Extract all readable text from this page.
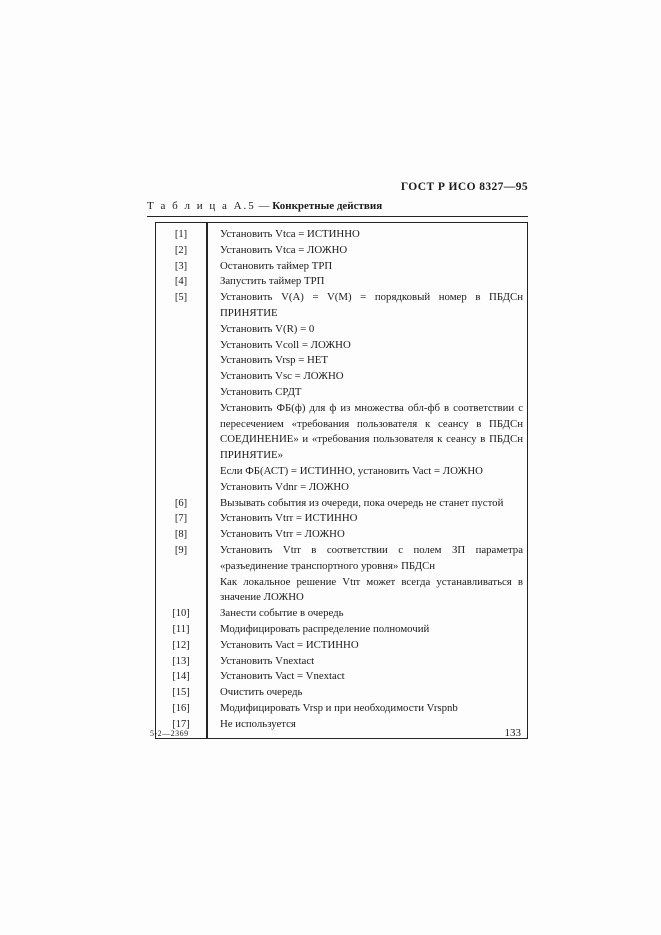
ГОСТ Р ИСО 8327—95
Т а б л и ц а А.5 — Конкретные действия
[1]	Установить Vtca = ИСТИННО
[2]	Установить Vtca = ЛОЖНО
[3]	Остановить таймер ТРП
[4]	Запустить таймер ТРП
[5]	Установить V(A) = V(M) = порядковый номер в ПБДСн ПРИНЯТИЕ
Установить V(R) = 0
Установить Vcoll = ЛОЖНО
Установить Vrsp = НЕТ
Установить Vsc = ЛОЖНО
Установить СРДТ
Установить ФБ(ф) для ф из множества обл-фб в соответствии с пересечением «требования пользователя к сеансу в ПБДСн СОЕДИНЕНИЕ» и «требования пользователя к сеансу в ПБДСн ПРИНЯТИЕ»
Если ФБ(АСТ) = ИСТИННО, установить Vact = ЛОЖНО
Установить Vdnr = ЛОЖНО
[6]	Вызывать события из очереди, пока очередь не станет пустой
[7]	Установить Vtrr = ИСТИННО
[8]	Установить Vtrr = ЛОЖНО
[9]	Установить Vtrr в соответствии с полем ЗП параметра «разъединение транспортного уровня» ПБДСн
Как локальное решение Vtrr может всегда устанавливаться в значение ЛОЖНО
[10]	Занести событие в очередь
[11]	Модифицировать распределение полномочий
[12]	Установить Vact = ИСТИННО
[13]	Установить Vnextact
[14]	Установить Vact = Vnextact
[15]	Очистить очередь
[16]	Модифицировать Vrsp и при необходимости Vrspnb
[17]	Не используется
5-2—2369	133
